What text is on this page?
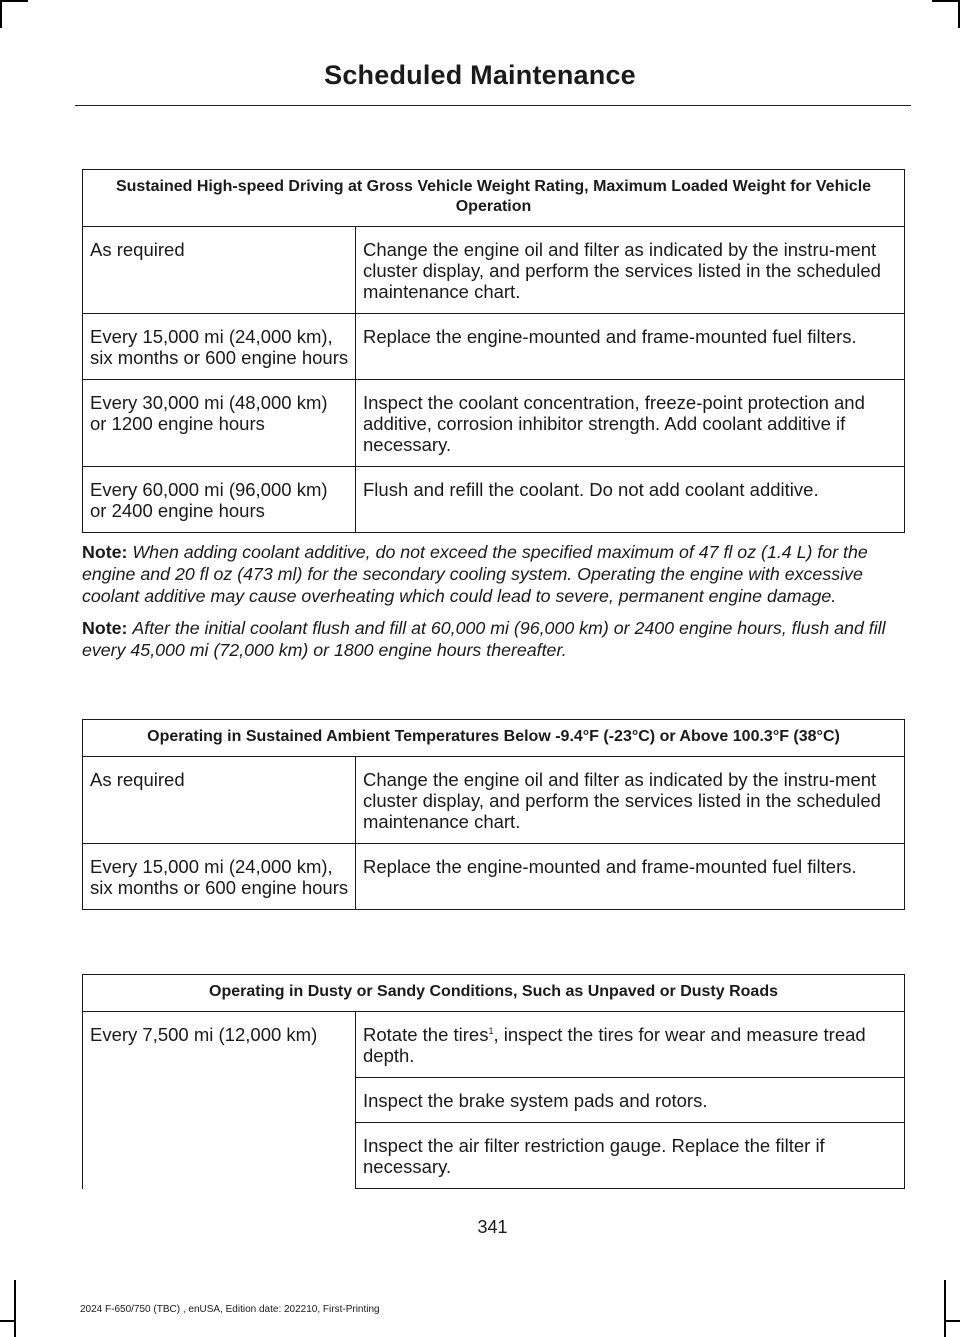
Scheduled Maintenance
Sustained High-speed Driving at Gross Vehicle Weight Rating, Maximum Loaded Weight for Vehicle Operation	
As required	Change the engine oil and filter as indicated by the instru-ment cluster display, and perform the services listed in the scheduled maintenance chart.
Every 15,000 mi (24,000 km), six months or 600 engine hours	Replace the engine-mounted and frame-mounted fuel filters.
Every 30,000 mi (48,000 km) or 1200 engine hours	Inspect the coolant concentration, freeze-point protection and additive, corrosion inhibitor strength. Add coolant additive if necessary.
Every 60,000 mi (96,000 km) or 2400 engine hours	Flush and refill the coolant. Do not add coolant additive.

Note: When adding coolant additive, do not exceed the specified maximum of 47 fl oz (1.4 L) for the engine and 20 fl oz (473 ml) for the secondary cooling system. Operating the engine with excessive coolant additive may cause overheating which could lead to severe, permanent engine damage.

Note: After the initial coolant flush and fill at 60,000 mi (96,000 km) or 2400 engine hours, flush and fill every 45,000 mi (72,000 km) or 1800 engine hours thereafter.

Operating in Sustained Ambient Temperatures Below -9.4°F (-23°C) or Above 100.3°F (38°C)	
As required	Change the engine oil and filter as indicated by the instru-ment cluster display, and perform the services listed in the scheduled maintenance chart.
Every 15,000 mi (24,000 km), six months or 600 engine hours	Replace the engine-mounted and frame-mounted fuel filters.
Operating in Dusty or Sandy Conditions, Such as Unpaved or Dusty Roads
Every 7,500 mi (12,000 km)	Rotate the tires$^1$, inspect the tires for wear and measure tread depth.
Inspect the brake system pads and rotors.
Inspect the air filter restriction gauge. Replace the filter if necessary.
341
2024 F-650/750 (TBC) , enUSA, Edition date: 202210, First-Printing
